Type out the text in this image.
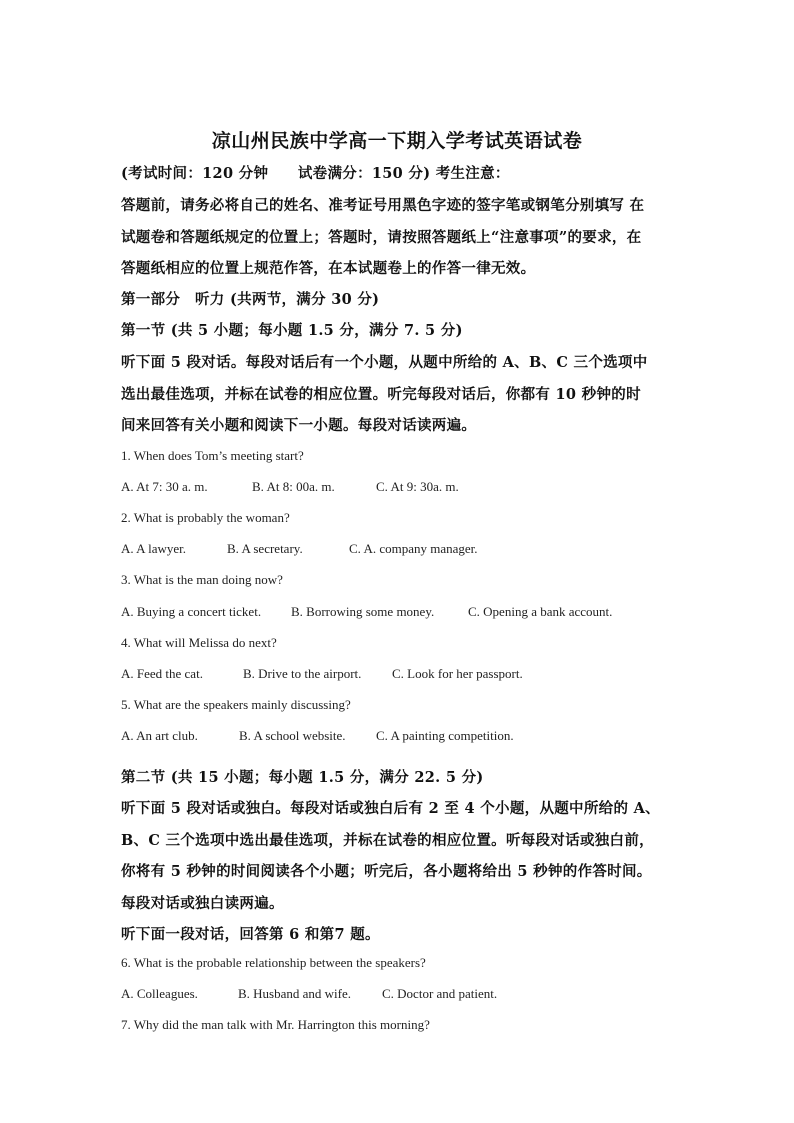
凉山州民族中学高一下期入学考试英语试卷
(考试时间：120 分钟　　试卷满分：150 分) 考生注意：
答题前，请务必将自己的姓名、准考证号用黑色字迹的签字笔或钢笔分别填写 在
试题卷和答题纸规定的位置上；答题时，请按照答题纸上“注意事项”的要求，在
答题纸相应的位置上规范作答，在本试题卷上的作答一律无效。
第一部分　听力 (共两节，满分 30 分)
第一节 (共 5 小题；每小题 1.5 分，满分 7. 5 分)
听下面 5 段对话。每段对话后有一个小题，从题中所给的 A、B、C 三个选项中
选出最佳选项，并标在试卷的相应位置。听完每段对话后，你都有 10 秒钟的时
间来回答有关小题和阅读下一小题。每段对话读两遍。
1. When does Tom’s meeting start?
A. At 7: 30 a. m.	B. At 8: 00a. m.	C. At 9: 30a. m.
2. What is probably the woman?
A. A lawyer.	B. A secretary.	C. A. company manager.
3. What is the man doing now?
A. Buying a concert ticket. B. Borrowing some money.	C. Opening a bank account.
4. What will Melissa do next?
A. Feed the cat.	B. Drive to the airport. C. Look for her passport.
5. What are the speakers mainly discussing?
A. An art club.	B. A school website. C. A painting competition.
第二节 (共 15 小题；每小题 1.5 分，满分 22. 5 分)
听下面 5 段对话或独白。每段对话或独白后有 2 至 4 个小题，从题中所给的 A、
B、C 三个选项中选出最佳选项，并标在试卷的相应位置。听每段对话或独白前，
你将有 5 秒钟的时间阅读各个小题；听完后，各小题将给出 5 秒钟的作答时间。
每段对话或独白读两遍。
听下面一段对话，回答第 6 和第7 题。
6. What is the probable relationship between the speakers?
A. Colleagues.	B. Husband and wife. C. Doctor and patient.
7. Why did the man talk with Mr. Harrington this morning?
